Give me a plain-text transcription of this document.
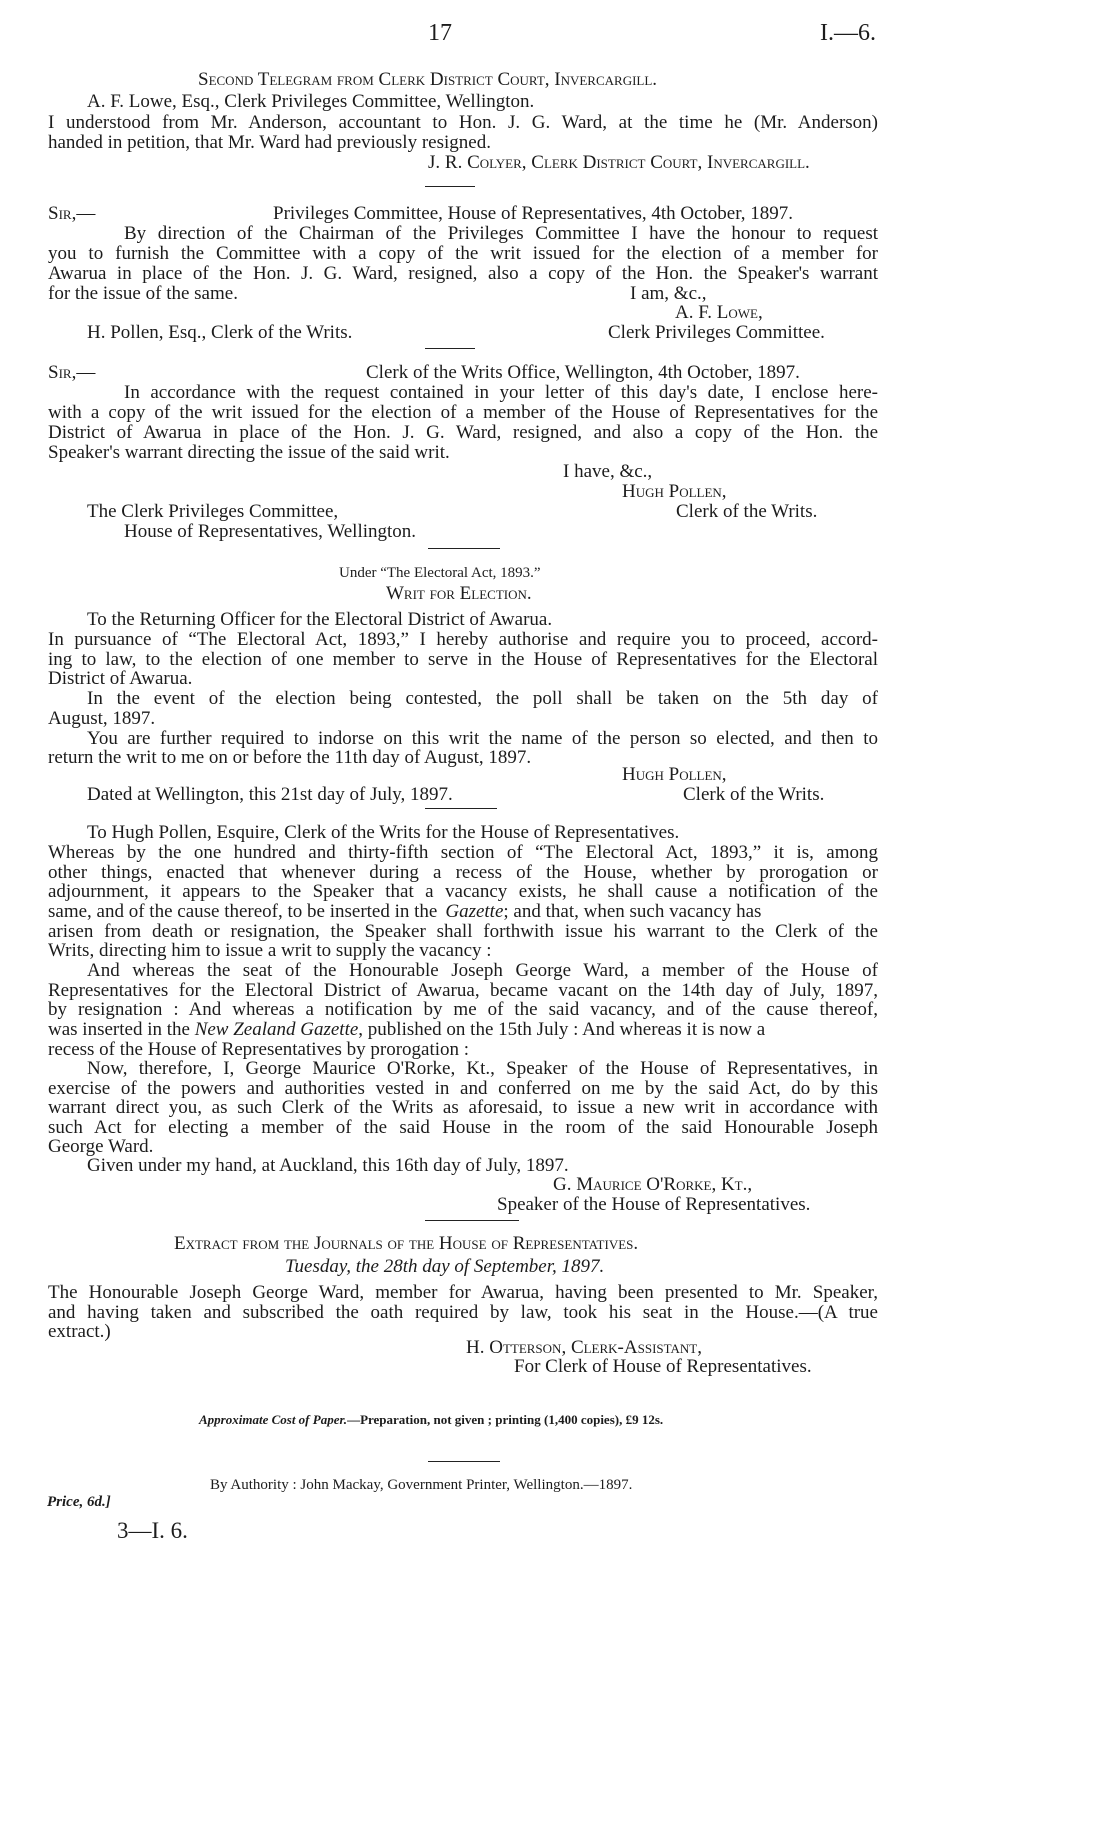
17	I.—6.
Second Telegram from Clerk District Court, Invercargill.
A. F. Lowe, Esq., Clerk Privileges Committee, Wellington.
I understood from Mr. Anderson, accountant to Hon. J. G. Ward, at the time he (Mr. Anderson)
handed in petition, that Mr. Ward had previously resigned.
J. R. Colyer, Clerk District Court, Invercargill.
Sir,—	Privileges Committee, House of Representatives, 4th October, 1897.
By direction of the Chairman of the Privileges Committee I have the honour to request
you to furnish the Committee with a copy of the writ issued for the election of a member for
Awarua in place of the Hon. J. G. Ward, resigned, also a copy of the Hon. the Speaker's warrant
for the issue of the same.	I am, &c.,
A. F. Lowe,
H. Pollen, Esq., Clerk of the Writs.	Clerk Privileges Committee.
Sir,—	Clerk of the Writs Office, Wellington, 4th October, 1897.
In accordance with the request contained in your letter of this day's date, I enclose here-
with a copy of the writ issued for the election of a member of the House of Representatives for the
District of Awarua in place of the Hon. J. G. Ward, resigned, and also a copy of the Hon. the
Speaker's warrant directing the issue of the said writ.
I have, &c.,
Hugh Pollen,
The Clerk Privileges Committee,	Clerk of the Writs.
House of Representatives, Wellington.
Under “The Electoral Act, 1893.”
Writ for Election.
To the Returning Officer for the Electoral District of Awarua.
In pursuance of “The Electoral Act, 1893,” I hereby authorise and require you to proceed, accord-
ing to law, to the election of one member to serve in the House of Representatives for the Electoral
District of Awarua.
In the event of the election being contested, the poll shall be taken on the 5th day of
August, 1897.
You are further required to indorse on this writ the name of the person so elected, and then to
return the writ to me on or before the 11th day of August, 1897.
Hugh Pollen,
Dated at Wellington, this 21st day of July, 1897.	Clerk of the Writs.
To Hugh Pollen, Esquire, Clerk of the Writs for the House of Representatives.
Whereas by the one hundred and thirty-fifth section of “The Electoral Act, 1893,” it is, among
other things, enacted that whenever during a recess of the House, whether by prorogation or
adjournment, it appears to the Speaker that a vacancy exists, he shall cause a notification of the
same, and of the cause thereof, to be inserted in the Gazette; and that, when such vacancy has
arisen from death or resignation, the Speaker shall forthwith issue his warrant to the Clerk of the
Writs, directing him to issue a writ to supply the vacancy :
And whereas the seat of the Honourable Joseph George Ward, a member of the House of
Representatives for the Electoral District of Awarua, became vacant on the 14th day of July, 1897,
by resignation : And whereas a notification by me of the said vacancy, and of the cause thereof,
was inserted in the New Zealand Gazette, published on the 15th July : And whereas it is now a
recess of the House of Representatives by prorogation :
Now, therefore, I, George Maurice O'Rorke, Kt., Speaker of the House of Representatives, in
exercise of the powers and authorities vested in and conferred on me by the said Act, do by this
warrant direct you, as such Clerk of the Writs as aforesaid, to issue a new writ in accordance with
such Act for electing a member of the said House in the room of the said Honourable Joseph
George Ward.
Given under my hand, at Auckland, this 16th day of July, 1897.
G. Maurice O'Rorke, Kt.,
Speaker of the House of Representatives.
Extract from the Journals of the House of Representatives.
Tuesday, the 28th day of September, 1897.
The Honourable Joseph George Ward, member for Awarua, having been presented to Mr. Speaker,
and having taken and subscribed the oath required by law, took his seat in the House.—(A true
extract.)
H. Otterson, Clerk-Assistant,
For Clerk of House of Representatives.
Approximate Cost of Paper.—Preparation, not given ; printing (1,400 copies), £9 12s.
By Authority : John Mackay, Government Printer, Wellington.—1897.
Price, 6d.]
3—I. 6.
